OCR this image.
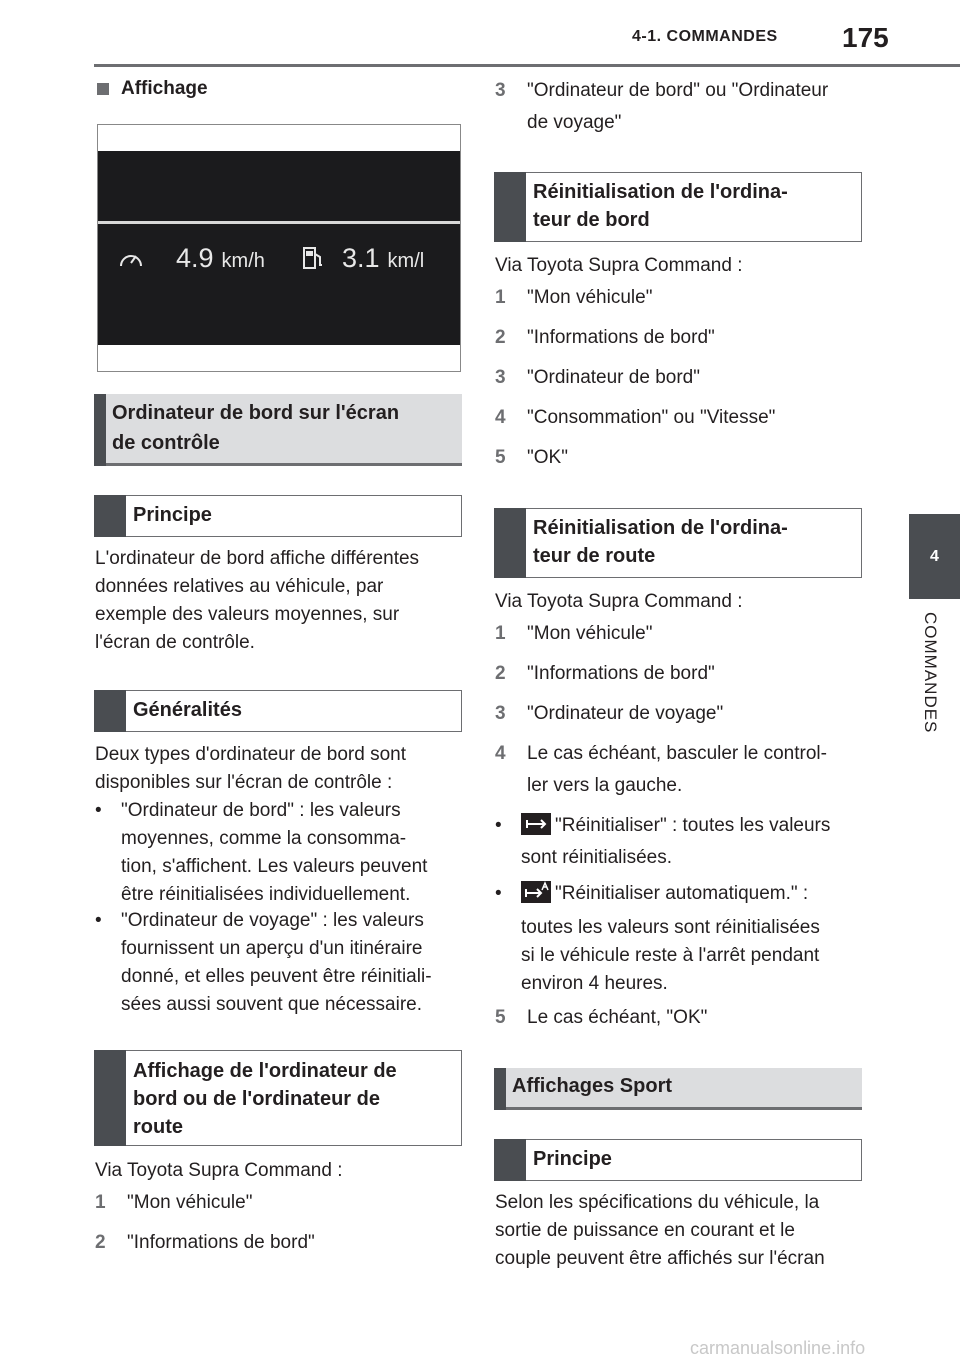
4-1. COMMANDES 175
4
COMMANDES
Affichage
4.9 km/h	3.1 km/l
Ordinateur de bord sur l'écran
de contrôle
Principe
L'ordinateur de bord affiche différentes
données relatives au véhicule, par
exemple des valeurs moyennes, sur
l'écran de contrôle.
Généralités
Deux types d'ordinateur de bord sont
disponibles sur l'écran de contrôle :
• "Ordinateur de bord" : les valeurs
moyennes, comme la consomma-
tion, s'affichent. Les valeurs peuvent
être réinitialisées individuellement.
• "Ordinateur de voyage" : les valeurs
fournissent un aperçu d'un itinéraire
donné, et elles peuvent être réinitiali-
sées aussi souvent que nécessaire.
Affichage de l'ordinateur de
bord ou de l'ordinateur de
route
Via Toyota Supra Command :
1 "Mon véhicule"
2 "Informations de bord"
3 "Ordinateur de bord" ou "Ordinateur
de voyage"
Réinitialisation de l'ordina-
teur de bord
Via Toyota Supra Command :
1 "Mon véhicule"
2 "Informations de bord"
3 "Ordinateur de bord"
4 "Consommation" ou "Vitesse"
5 "OK"
Réinitialisation de l'ordina-
teur de route
Via Toyota Supra Command :
1 "Mon véhicule"
2 "Informations de bord"
3 "Ordinateur de voyage"
4 Le cas échéant, basculer le control-
ler vers la gauche.
•	"Réinitialiser" : toutes les valeurs
sont réinitialisées.
•	"Réinitialiser automatiquem." :
toutes les valeurs sont réinitialisées
si le véhicule reste à l'arrêt pendant
environ 4 heures.
5 Le cas échéant, "OK"
Affichages Sport
Principe
Selon les spécifications du véhicule, la
sortie de puissance en courant et le
couple peuvent être affichés sur l'écran
carmanualsonline.info
